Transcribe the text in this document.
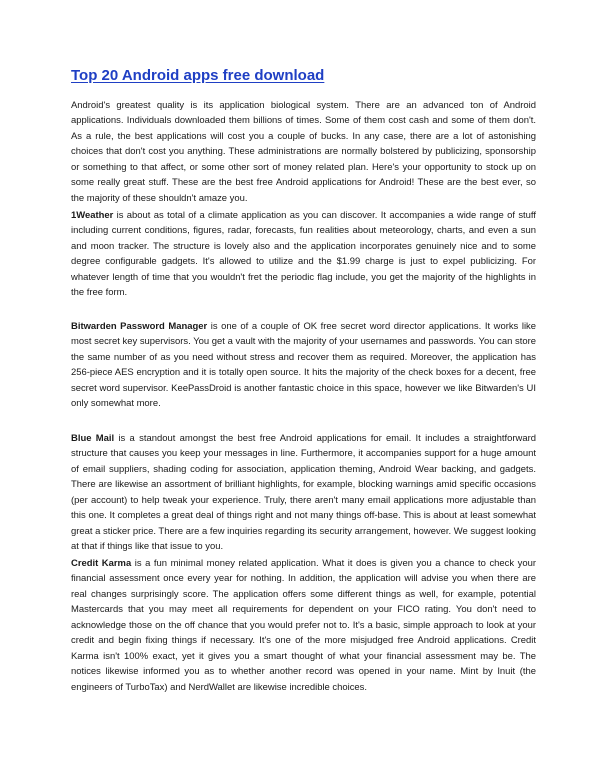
Top 20 Android apps free download

Android's greatest quality is its application biological system. There are an advanced ton of Android applications. Individuals downloaded them billions of times. Some of them cost cash and some of them don't. As a rule, the best applications will cost you a couple of bucks. In any case, there are a lot of astonishing choices that don't cost you anything. These administrations are normally bolstered by publicizing, sponsorship or something to that affect, or some other sort of money related plan. Here's your opportunity to stock up on some really great stuff. These are the best free Android applications for Android! These are the best ever, so the majority of these shouldn't amaze you.

1Weather is about as total of a climate application as you can discover. It accompanies a wide range of stuff including current conditions, figures, radar, forecasts, fun realities about meteorology, charts, and even a sun and moon tracker. The structure is lovely also and the application incorporates genuinely nice and to some degree configurable gadgets. It's allowed to utilize and the $1.99 charge is just to expel publicizing. For whatever length of time that you wouldn't fret the periodic flag include, you get the majority of the highlights in the free form.

Bitwarden Password Manager is one of a couple of OK free secret word director applications. It works like most secret key supervisors. You get a vault with the majority of your usernames and passwords. You can store the same number of as you need without stress and recover them as required. Moreover, the application has 256-piece AES encryption and it is totally open source. It hits the majority of the check boxes for a decent, free secret word supervisor. KeePassDroid is another fantastic choice in this space, however we like Bitwarden's UI only somewhat more.

Blue Mail is a standout amongst the best free Android applications for email. It includes a straightforward structure that causes you keep your messages in line. Furthermore, it accompanies support for a huge amount of email suppliers, shading coding for association, application theming, Android Wear backing, and gadgets. There are likewise an assortment of brilliant highlights, for example, blocking warnings amid specific occasions (per account) to help tweak your experience. Truly, there aren't many email applications more adjustable than this one. It completes a great deal of things right and not many things off-base. This is about at least somewhat great a sticker price. There are a few inquiries regarding its security arrangement, however. We suggest looking at that if things like that issue to you.

Credit Karma is a fun minimal money related application. What it does is given you a chance to check your financial assessment once every year for nothing. In addition, the application will advise you when there are real changes surprisingly score. The application offers some different things as well, for example, potential Mastercards that you may meet all requirements for dependent on your FICO rating. You don't need to acknowledge those on the off chance that you would prefer not to. It's a basic, simple approach to look at your credit and begin fixing things if necessary. It's one of the more misjudged free Android applications. Credit Karma isn't 100% exact, yet it gives you a smart thought of what your financial assessment may be. The notices likewise informed you as to whether another record was opened in your name. Mint by Inuit (the engineers of TurboTax) and NerdWallet are likewise incredible choices.
